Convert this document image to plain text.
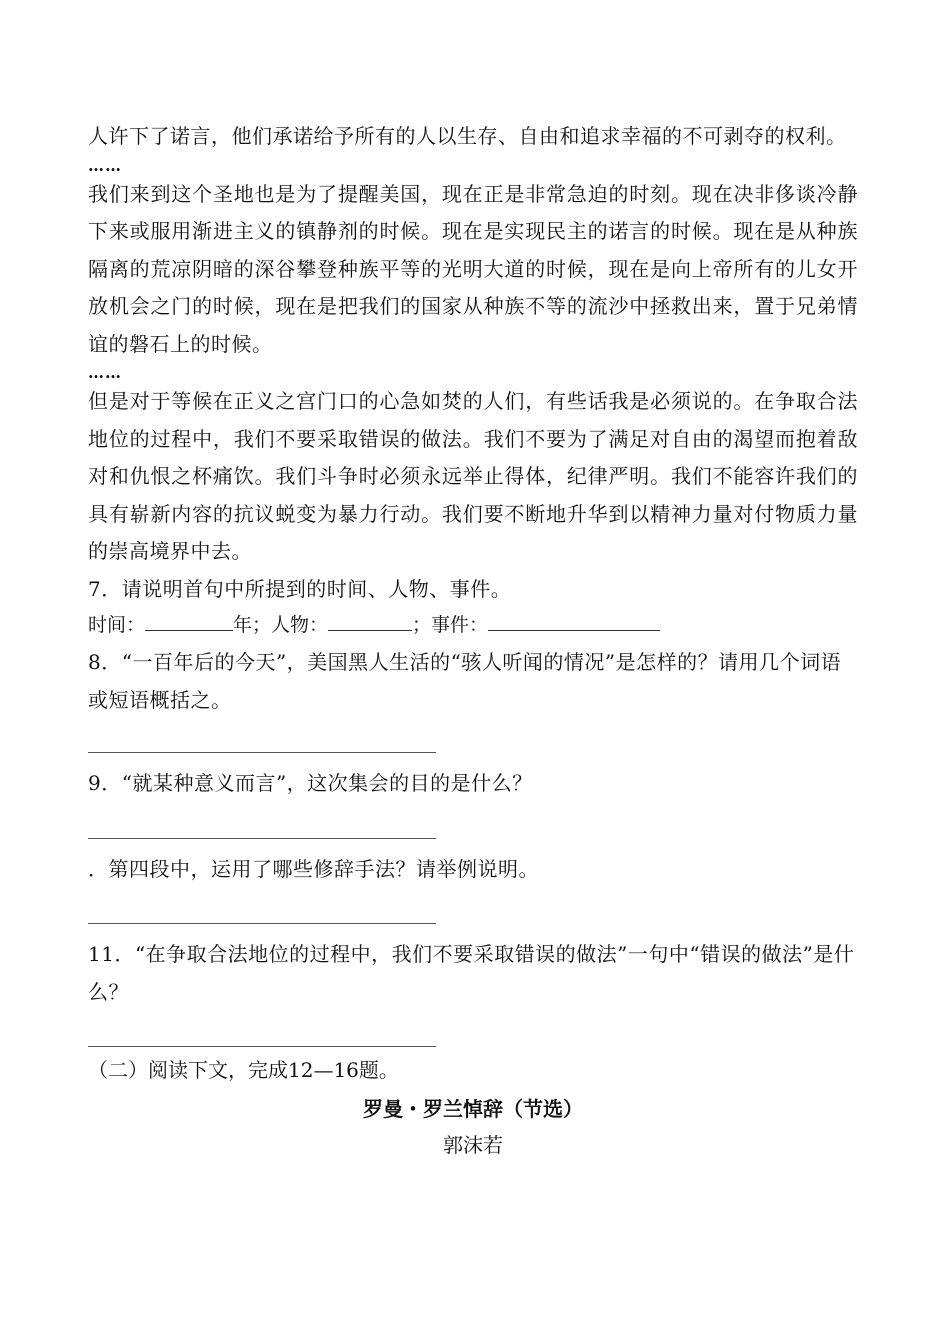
人许下了诺言，他们承诺给予所有的人以生存、自由和追求幸福的不可剥夺的权利。

……

我们来到这个圣地也是为了提醒美国，现在正是非常急迫的时刻。现在决非侈谈冷静下来或服用渐进主义的镇静剂的时候。现在是实现民主的诺言的时候。现在是从种族隔离的荒凉阴暗的深谷攀登种族平等的光明大道的时候，现在是向上帝所有的儿女开放机会之门的时候，现在是把我们的国家从种族不等的流沙中拯救出来，置于兄弟情谊的磐石上的时候。

……

但是对于等候在正义之宫门口的心急如焚的人们，有些话我是必须说的。在争取合法地位的过程中，我们不要采取错误的做法。我们不要为了满足对自由的渴望而抱着敌对和仇恨之杯痛饮。我们斗争时必须永远举止得体，纪律严明。我们不能容许我们的具有崭新内容的抗议蜕变为暴力行动。我们要不断地升华到以精神力量对付物质力量的崇高境界中去。

7．请说明首句中所提到的时间、人物、事件。

时间：	年；人物：	；事件：

8．“一百年后的今天”，美国黑人生活的“骇人听闻的情况”是怎样的？请用几个词语或短语概括之。

9．“就某种意义而言”，这次集会的目的是什么？

．第四段中，运用了哪些修辞手法？请举例说明。

11．“在争取合法地位的过程中，我们不要采取错误的做法”一句中“错误的做法”是什么？

（二）阅读下文，完成12—16题。

罗曼・罗兰悼辞（节选）

郭沫若
